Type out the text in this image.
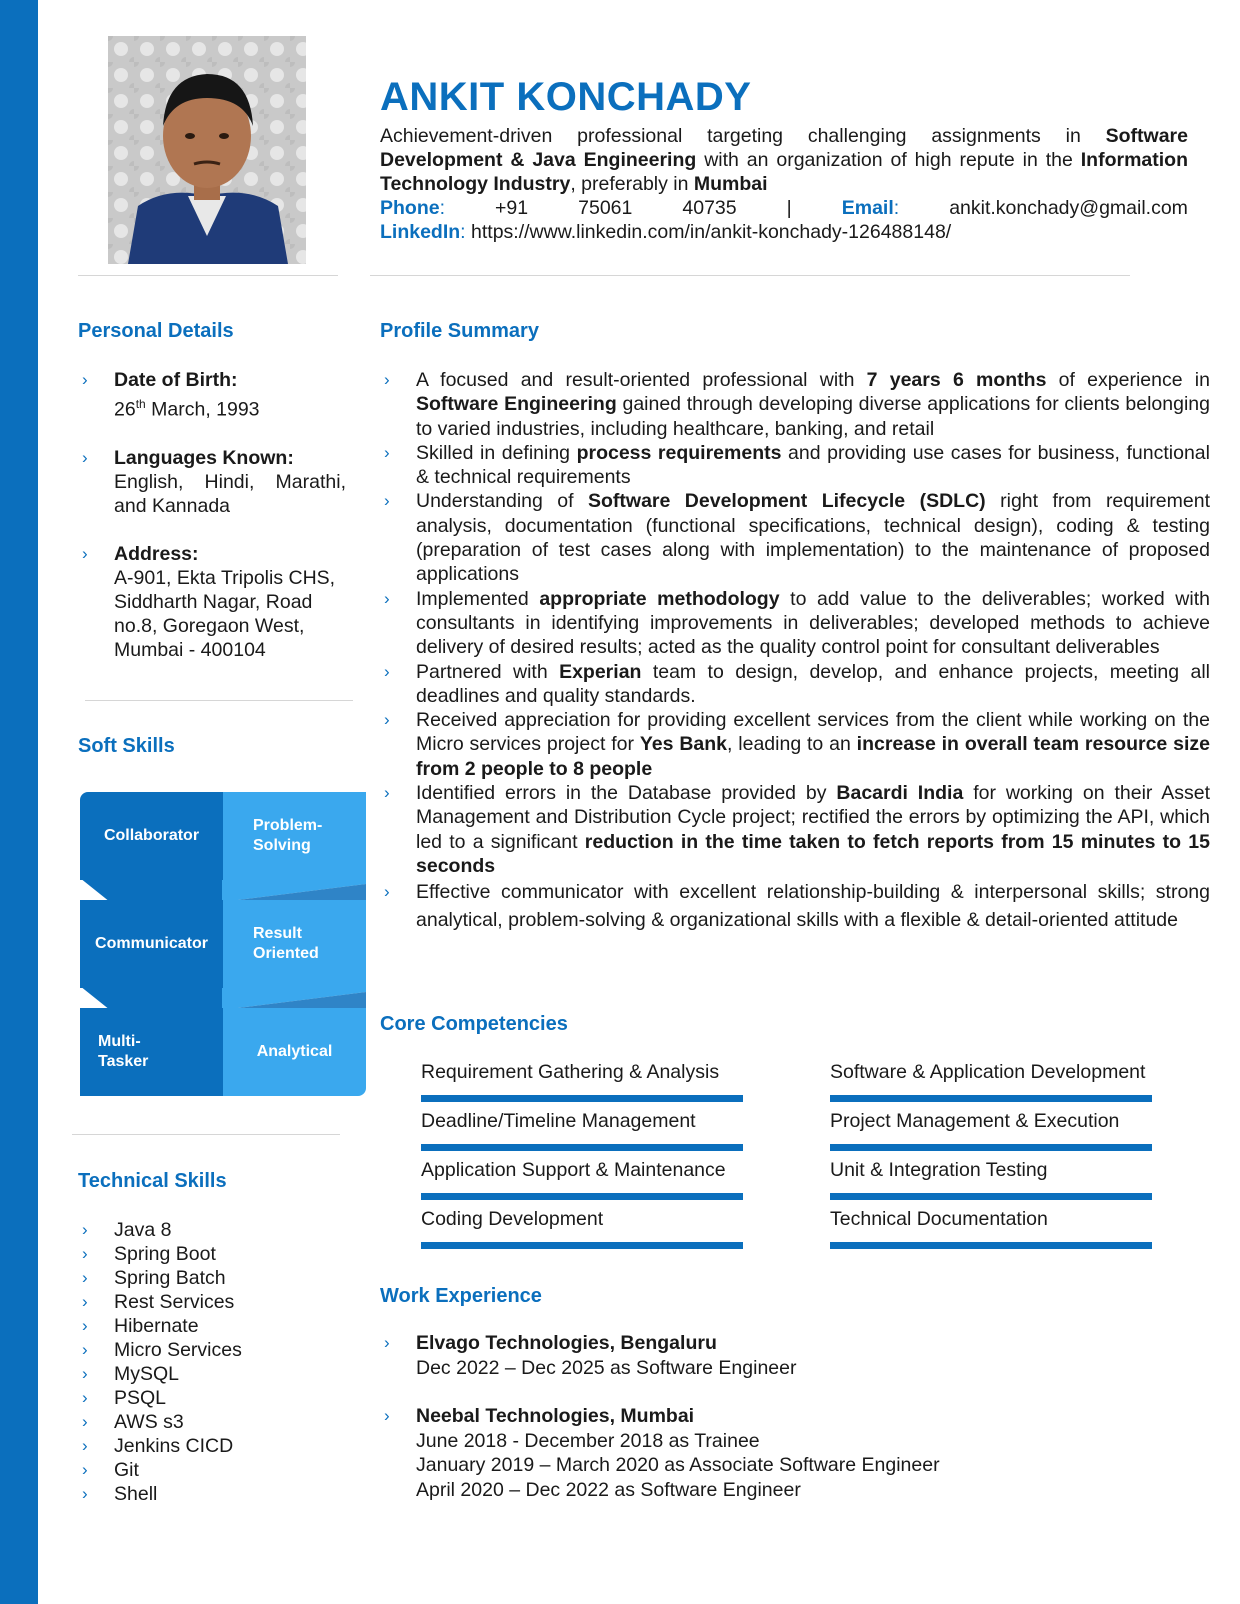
ANKIT KONCHADY
Achievement-driven professional targeting challenging assignments in Software Development & Java Engineering with an organization of high repute in the Information Technology Industry, preferably in Mumbai
Phone:	+91	75061	40735	|	Email:	ankit.konchady@gmail.com
LinkedIn: https://www.linkedin.com/in/ankit-konchady-126488148/
Personal Details
› Date of Birth:
26th March, 1993
› Languages Known:
English, Hindi, Marathi, and Kannada
› Address:
A-901, Ekta Tripolis CHS, Siddharth Nagar, Road no.8, Goregaon West, Mumbai - 400104
Soft Skills
Collaborator
Problem-Solving
Communicator
Result Oriented
Multi-Tasker
Analytical
Technical Skills
› Java 8
› Spring Boot
› Spring Batch
› Rest Services
› Hibernate
› Micro Services
› MySQL
› PSQL
› AWS s3
› Jenkins CICD
› Git
› Shell
Profile Summary
› A focused and result-oriented professional with 7 years 6 months of experience in Software Engineering gained through developing diverse applications for clients belonging to varied industries, including healthcare, banking, and retail
› Skilled in defining process requirements and providing use cases for business, functional & technical requirements
› Understanding of Software Development Lifecycle (SDLC) right from requirement analysis, documentation (functional specifications, technical design), coding & testing (preparation of test cases along with implementation) to the maintenance of proposed applications
› Implemented appropriate methodology to add value to the deliverables; worked with consultants in identifying improvements in deliverables; developed methods to achieve delivery of desired results; acted as the quality control point for consultant deliverables
› Partnered with Experian team to design, develop, and enhance projects, meeting all deadlines and quality standards.
› Received appreciation for providing excellent services from the client while working on the Micro services project for Yes Bank, leading to an increase in overall team resource size from 2 people to 8 people
› Identified errors in the Database provided by Bacardi India for working on their Asset Management and Distribution Cycle project; rectified the errors by optimizing the API, which led to a significant reduction in the time taken to fetch reports from 15 minutes to 15 seconds
› Effective communicator with excellent relationship-building & interpersonal skills; strong analytical, problem-solving & organizational skills with a flexible & detail-oriented attitude
Core Competencies
Requirement Gathering & Analysis
Deadline/Timeline Management
Application Support & Maintenance
Coding Development
Software & Application Development
Project Management & Execution
Unit & Integration Testing
Technical Documentation
Work Experience
› Elvago Technologies, Bengaluru
Dec 2022 – Dec 2025 as Software Engineer
› Neebal Technologies, Mumbai
June 2018 - December 2018 as Trainee
January 2019 – March 2020 as Associate Software Engineer
April 2020 – Dec 2022 as Software Engineer
